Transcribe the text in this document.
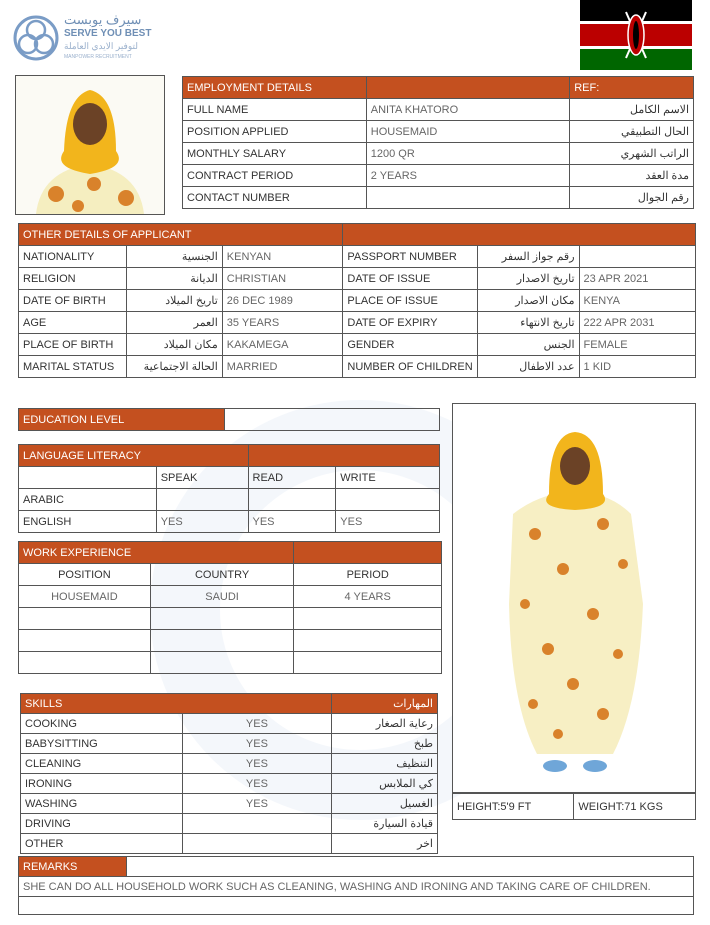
سيرف يوبست
SERVE YOU BEST
لتوفير الايدي العاملة
MANPOWER RECRUITMENT
EMPLOYMENT DETAILS		REF:
FULL NAME	ANITA KHATORO	الاسم الكامل
POSITION APPLIED	HOUSEMAID	الحال التطبيقي
MONTHLY SALARY	1200 QR	الراتب الشهري
CONTRACT PERIOD	2 YEARS	مدة العقد
CONTACT NUMBER		رقم الجوال
OTHER DETAILS OF APPLICANT					
NATIONALITY	الجنسية	KENYAN	PASSPORT NUMBER	رقم جواز السفر	
RELIGION	الديانة	CHRISTIAN	DATE OF ISSUE	تاريخ الاصدار	23 APR 2021
DATE OF BIRTH	تاريخ الميلاد	26 DEC 1989	PLACE OF ISSUE	مكان الاصدار	KENYA
AGE	العمر	35 YEARS	DATE OF EXPIRY	تاريخ الانتهاء	222 APR 2031
PLACE OF BIRTH	مكان الميلاد	KAKAMEGA	GENDER	الجنس	FEMALE
MARITAL STATUS	الحالة الاجتماعية	MARRIED	NUMBER OF CHILDREN	عدد الاطفال	1 KID
EDUCATION LEVEL	
LANGUAGE LITERACY			
	SPEAK	READ	WRITE
ARABIC			
ENGLISH	YES	YES	YES
WORK EXPERIENCE		
POSITION	COUNTRY	PERIOD
HOUSEMAID	SAUDI	4 YEARS

SKILLS		المهارات
COOKING	YES	رعاية الصغار
BABYSITTING	YES	طبخ
CLEANING	YES	التنظيف
IRONING	YES	كي الملابس
WASHING	YES	الغسيل
DRIVING		قيادة السيارة
OTHER		اخر
HEIGHT:5'9 FT	WEIGHT:71 KGS
REMARKS	
SHE CAN DO ALL HOUSEHOLD WORK SUCH AS CLEANING, WASHING AND IRONING AND TAKING CARE OF CHILDREN.
